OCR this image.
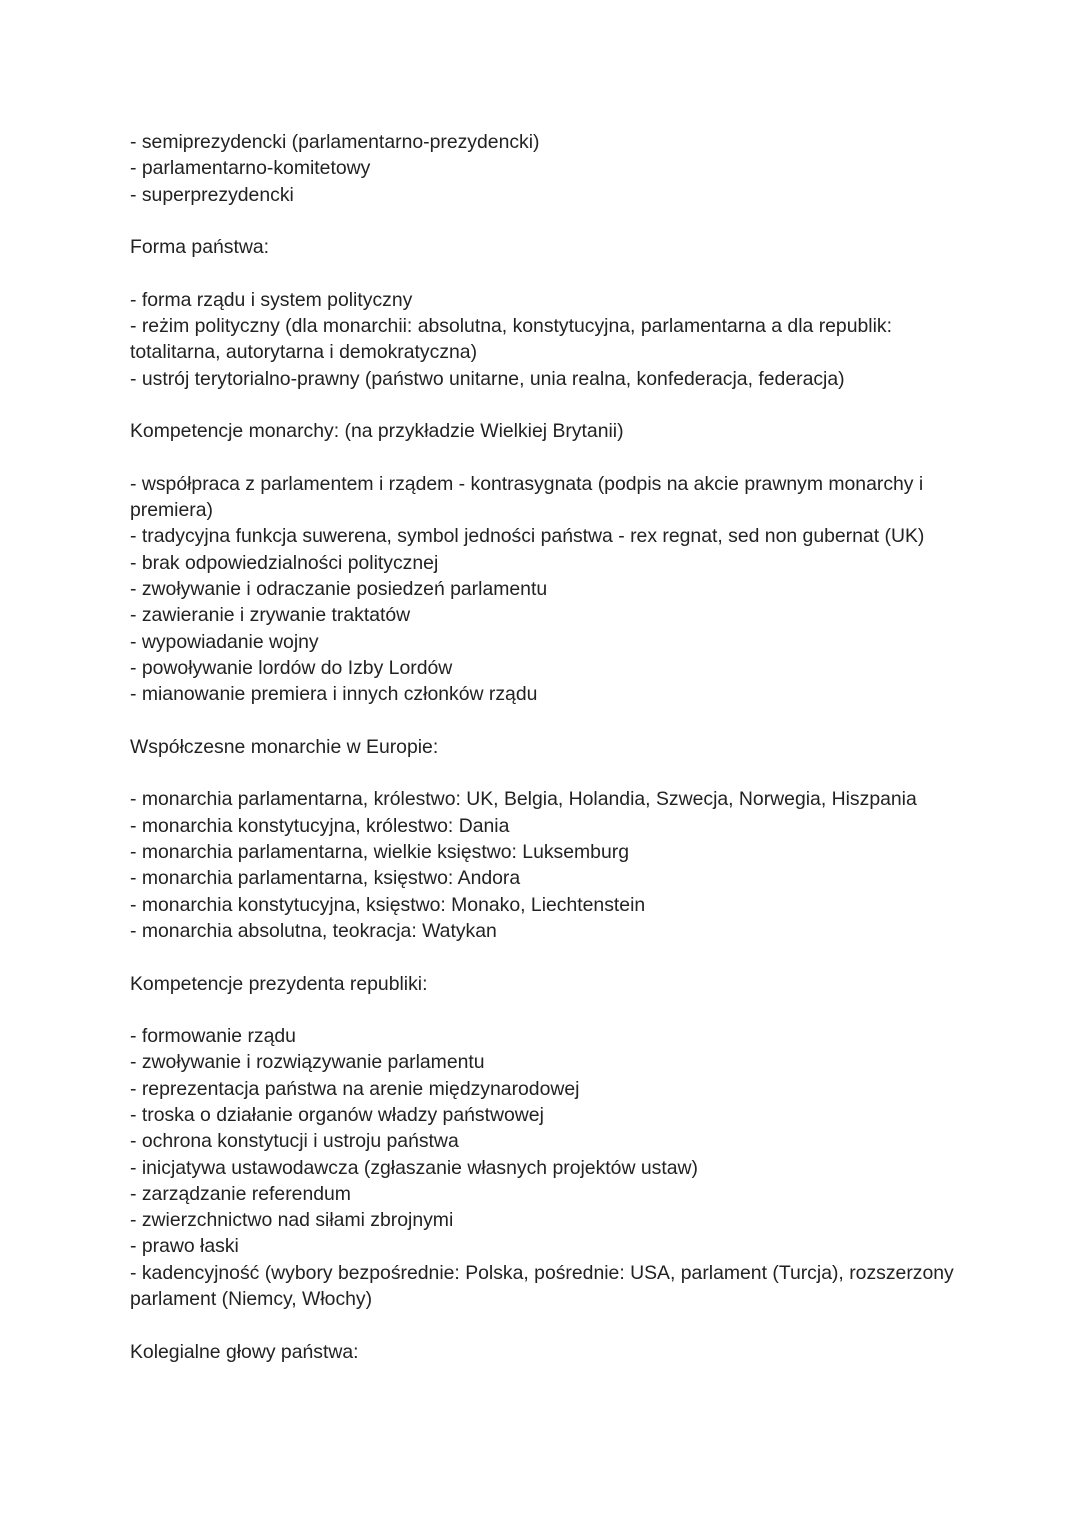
- semiprezydencki (parlamentarno-prezydencki)
- parlamentarno-komitetowy
- superprezydencki

Forma państwa:

- forma rządu i system polityczny
- reżim polityczny (dla monarchii: absolutna, konstytucyjna, parlamentarna a dla republik: totalitarna, autorytarna i demokratyczna)
- ustrój terytorialno-prawny (państwo unitarne, unia realna, konfederacja, federacja)

Kompetencje monarchy: (na przykładzie Wielkiej Brytanii)

- współpraca z parlamentem i rządem - kontrasygnata (podpis na akcie prawnym monarchy i premiera)
- tradycyjna funkcja suwerena, symbol jedności państwa - rex regnat, sed non gubernat (UK)
- brak odpowiedzialności politycznej
- zwoływanie i odraczanie posiedzeń parlamentu
- zawieranie i zrywanie traktatów
- wypowiadanie wojny
- powoływanie lordów do Izby Lordów
- mianowanie premiera i innych członków rządu

Współczesne monarchie w Europie:

- monarchia parlamentarna, królestwo: UK, Belgia, Holandia, Szwecja, Norwegia, Hiszpania
- monarchia konstytucyjna, królestwo: Dania
- monarchia parlamentarna, wielkie księstwo: Luksemburg
- monarchia parlamentarna, księstwo: Andora
- monarchia konstytucyjna, księstwo: Monako, Liechtenstein
- monarchia absolutna, teokracja: Watykan

Kompetencje prezydenta republiki:

- formowanie rządu
- zwoływanie i rozwiązywanie parlamentu
- reprezentacja państwa na arenie międzynarodowej
- troska o działanie organów władzy państwowej
- ochrona konstytucji i ustroju państwa
- inicjatywa ustawodawcza (zgłaszanie własnych projektów ustaw)
- zarządzanie referendum
- zwierzchnictwo nad siłami zbrojnymi
- prawo łaski
- kadencyjność (wybory bezpośrednie: Polska, pośrednie: USA, parlament (Turcja), rozszerzony parlament (Niemcy, Włochy)

Kolegialne głowy państwa:
